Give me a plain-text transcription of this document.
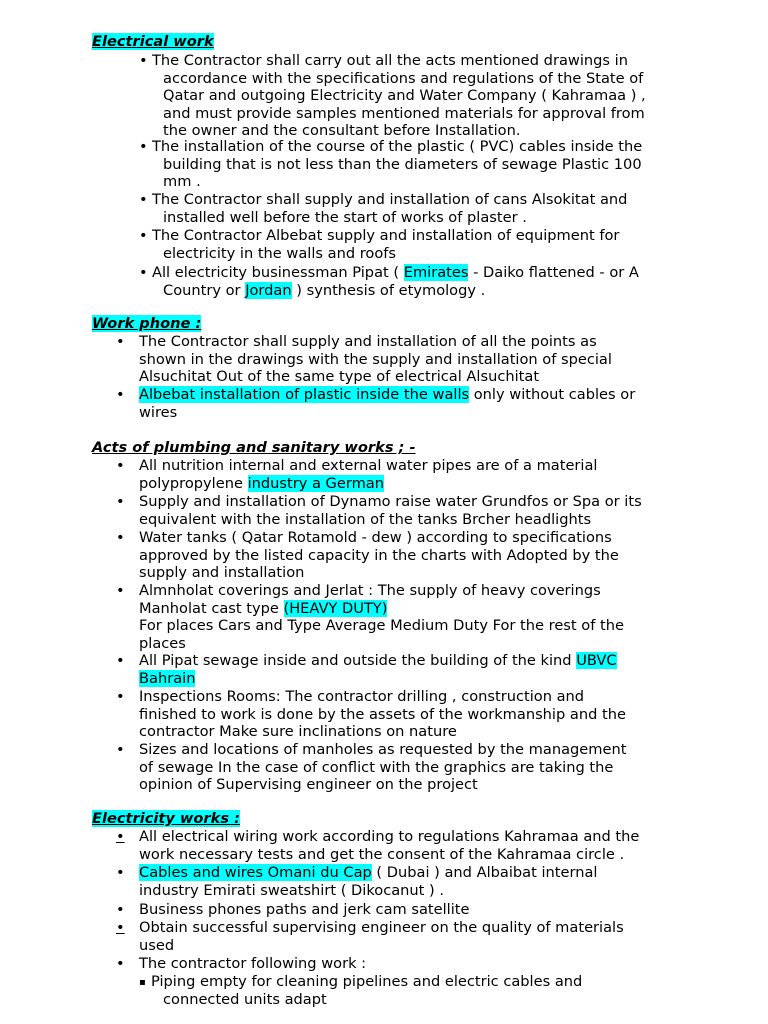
Electrical work
• The Contractor shall carry out all the acts mentioned drawings in
accordance with the specifications and regulations of the State of
Qatar and outgoing Electricity and Water Company ( Kahramaa ) ,
and must provide samples mentioned materials for approval from
the owner and the consultant before Installation.
• The installation of the course of the plastic ( PVC) cables inside the
building that is not less than the diameters of sewage Plastic 100
mm .
• The Contractor shall supply and installation of cans Alsokitat and
installed well before the start of works of plaster .
• The Contractor Albebat supply and installation of equipment for
electricity in the walls and roofs
• All electricity businessman Pipat ( Emirates - Daiko flattened - or A
Country or Jordan ) synthesis of etymology .
Work phone :
• The Contractor shall supply and installation of all the points as
shown in the drawings with the supply and installation of special
Alsuchitat Out of the same type of electrical Alsuchitat
• Albebat installation of plastic inside the walls only without cables or
wires
Acts of plumbing and sanitary works ; -
• All nutrition internal and external water pipes are of a material
polypropylene industry a German
• Supply and installation of Dynamo raise water Grundfos or Spa or its
equivalent with the installation of the tanks Brcher headlights
• Water tanks ( Qatar Rotamold - dew ) according to specifications
approved by the listed capacity in the charts with Adopted by the
supply and installation
• Almnholat coverings and Jerlat : The supply of heavy coverings
Manholat cast type (HEAVY DUTY)
For places Cars and Type Average Medium Duty For the rest of the
places
• All Pipat sewage inside and outside the building of the kind UBVC
Bahrain
• Inspections Rooms: The contractor drilling , construction and
finished to work is done by the assets of the workmanship and the
contractor Make sure inclinations on nature
• Sizes and locations of manholes as requested by the management
of sewage In the case of conflict with the graphics are taking the
opinion of Supervising engineer on the project
Electricity works :
• All electrical wiring work according to regulations Kahramaa and the
work necessary tests and get the consent of the Kahramaa circle .
• Cables and wires Omani du Cap ( Dubai ) and Albaibat internal
industry Emirati sweatshirt ( Dikocanut ) .
• Business phones paths and jerk cam satellite
• Obtain successful supervising engineer on the quality of materials
used
• The contractor following work :
▪ Piping empty for cleaning pipelines and electric cables and
connected units adapt
